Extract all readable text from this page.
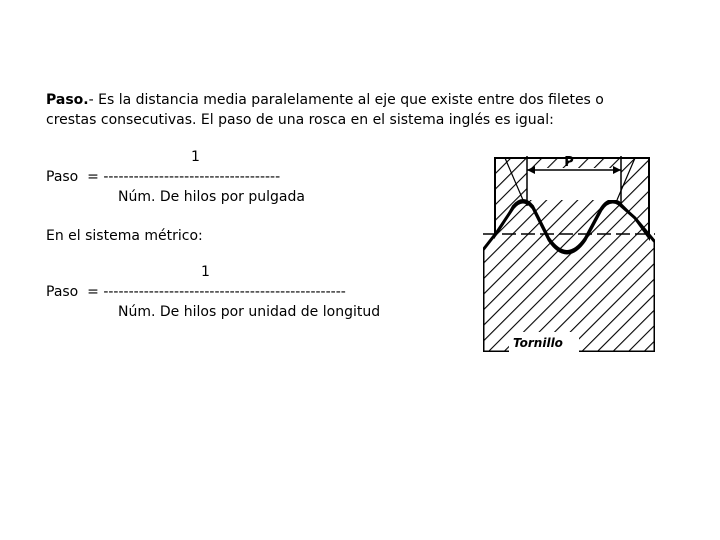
Paso.- Es la distancia media paralelamente al eje que existe entre dos filetes o crestas consecutivas. El paso de una rosca en el sistema inglés es igual:
1
Paso  = -----------------------------------
Núm. De hilos por pulgada
En el sistema métrico:
1
Paso  = ------------------------------------------------
Núm. De hilos por unidad de longitud
P
Tornillo
